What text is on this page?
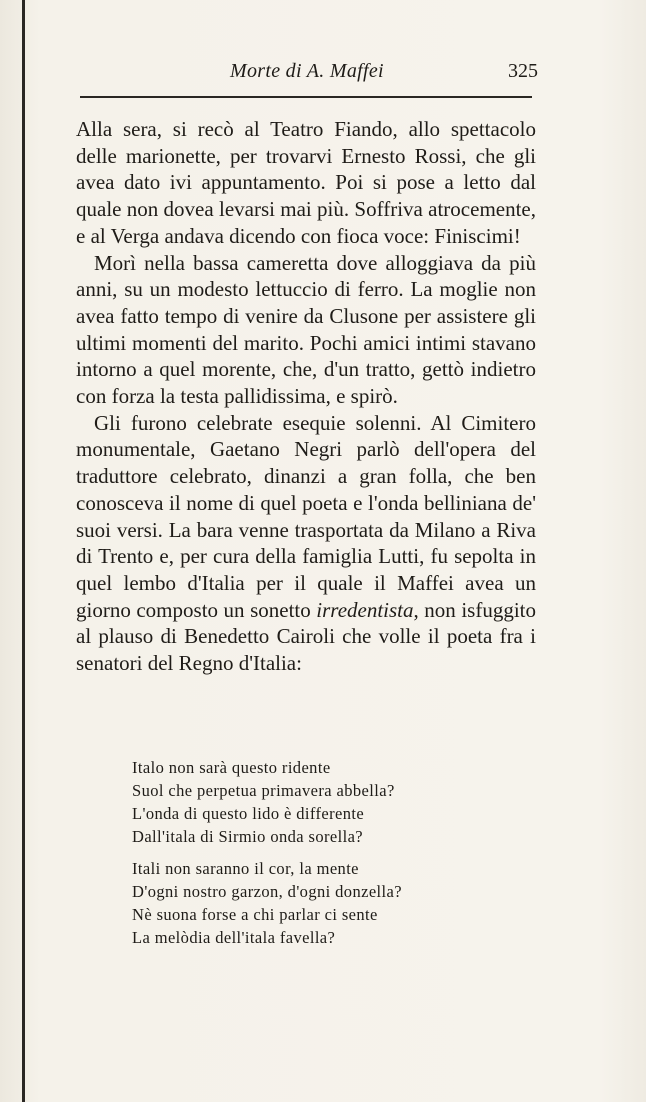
Morte di A. Maffei	325

Alla sera, si recò al Teatro Fiando, allo spettacolo delle marionette, per trovarvi Ernesto Rossi, che gli avea dato ivi appuntamento. Poi si pose a letto dal quale non dovea levarsi mai più. Soffriva atrocemente, e al Verga andava dicendo con fioca voce: Finiscimi!

Morì nella bassa cameretta dove alloggiava da più anni, su un modesto lettuccio di ferro. La moglie non avea fatto tempo di venire da Clusone per assistere gli ultimi momenti del marito. Pochi amici intimi stavano intorno a quel morente, che, d'un tratto, gettò indietro con forza la testa pallidissima, e spirò.

Gli furono celebrate esequie solenni. Al Cimitero monumentale, Gaetano Negri parlò dell'opera del traduttore celebrato, dinanzi a gran folla, che ben conosceva il nome di quel poeta e l'onda belliniana de' suoi versi. La bara venne trasportata da Milano a Riva di Trento e, per cura della famiglia Lutti, fu sepolta in quel lembo d'Italia per il quale il Maffei avea un giorno composto un sonetto irredentista, non isfuggito al plauso di Benedetto Cairoli che volle il poeta fra i senatori del Regno d'Italia:

Italo non sarà questo ridente
Suol che perpetua primavera abbella?
L'onda di questo lido è differente
Dall'itala di Sirmio onda sorella?
Itali non saranno il cor, la mente
D'ogni nostro garzon, d'ogni donzella?
Nè suona forse a chi parlar ci sente
La melòdia dell'itala favella?
